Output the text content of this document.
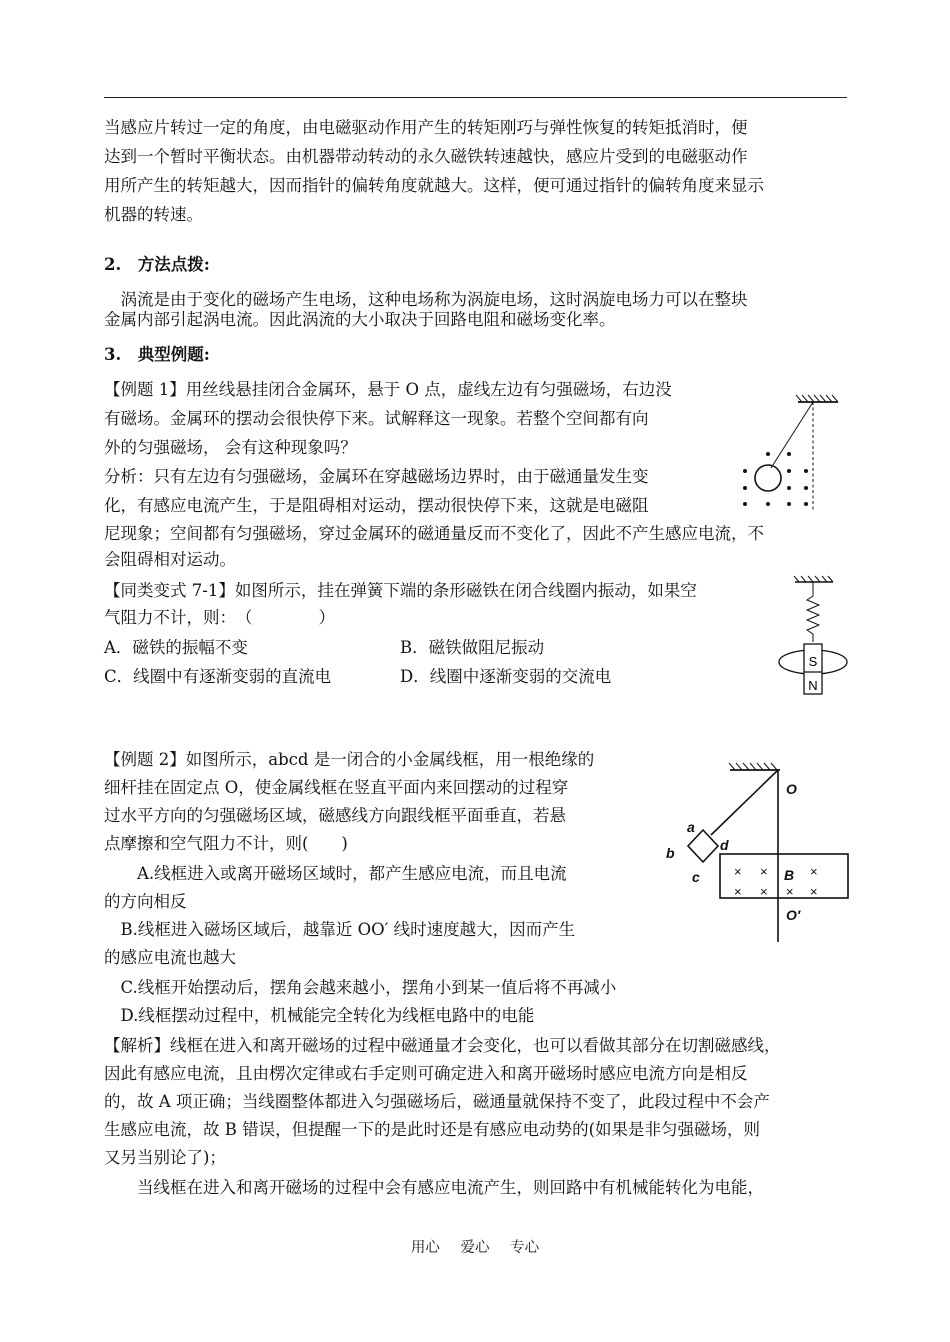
当感应片转过一定的角度，由电磁驱动作用产生的转矩刚巧与弹性恢复的转矩抵消时，便
达到一个暂时平衡状态。由机器带动转动的永久磁铁转速越快，感应片受到的电磁驱动作
用所产生的转矩越大，因而指针的偏转角度就越大。这样，便可通过指针的偏转角度来显示
机器的转速。
2.　方法点拨:
　涡流是由于变化的磁场产生电场，这种电场称为涡旋电场，这时涡旋电场力可以在整块
金属内部引起涡电流。因此涡流的大小取决于回路电阻和磁场变化率。
3.　典型例题:
【例题 1】用丝线悬挂闭合金属环，悬于 O 点，虚线左边有匀强磁场，右边没
有磁场。金属环的摆动会很快停下来。试解释这一现象。若整个空间都有向
外的匀强磁场， 会有这种现象吗？
分析：只有左边有匀强磁场，金属环在穿越磁场边界时，由于磁通量发生变
化，有感应电流产生，于是阻碍相对运动，摆动很快停下来，这就是电磁阻
尼现象；空间都有匀强磁场，穿过金属环的磁通量反而不变化了，因此不产生感应电流，不
会阻碍相对运动。
【同类变式 7-1】如图所示，挂在弹簧下端的条形磁铁在闭合线圈内振动，如果空
气阻力不计，则：　（　　　　）
A．磁铁的振幅不变	B．磁铁做阻尼振动
C．线圈中有逐渐变弱的直流电	D．线圈中逐渐变弱的交流电
S
N
【例题 2】如图所示，abcd 是一闭合的小金属线框，用一根绝缘的
细杆挂在固定点 O，使金属线框在竖直平面内来回摆动的过程穿
过水平方向的匀强磁场区域，磁感线方向跟线框平面垂直，若悬
点摩擦和空气阻力不计，则(　　)
　　A.线框进入或离开磁场区域时，都产生感应电流，而且电流
的方向相反
　B.线框进入磁场区域后，越靠近 OO′ 线时速度越大，因而产生
的感应电流也越大
　C.线框开始摆动后，摆角会越来越小，摆角小到某一值后将不再减小
　D.线框摆动过程中，机械能完全转化为线框电路中的电能
× ×	×
× × × ×
O
a
b
c
d
B
O′
【解析】线框在进入和离开磁场的过程中磁通量才会变化，也可以看做其部分在切割磁感线，
因此有感应电流，且由楞次定律或右手定则可确定进入和离开磁场时感应电流方向是相反
的，故 A 项正确；当线圈整体都进入匀强磁场后，磁通量就保持不变了，此段过程中不会产
生感应电流，故 B 错误，但提醒一下的是此时还是有感应电动势的(如果是非匀强磁场，则
又另当别论了)；
　　当线框在进入和离开磁场的过程中会有感应电流产生，则回路中有机械能转化为电能，
用心 爱心 专心
